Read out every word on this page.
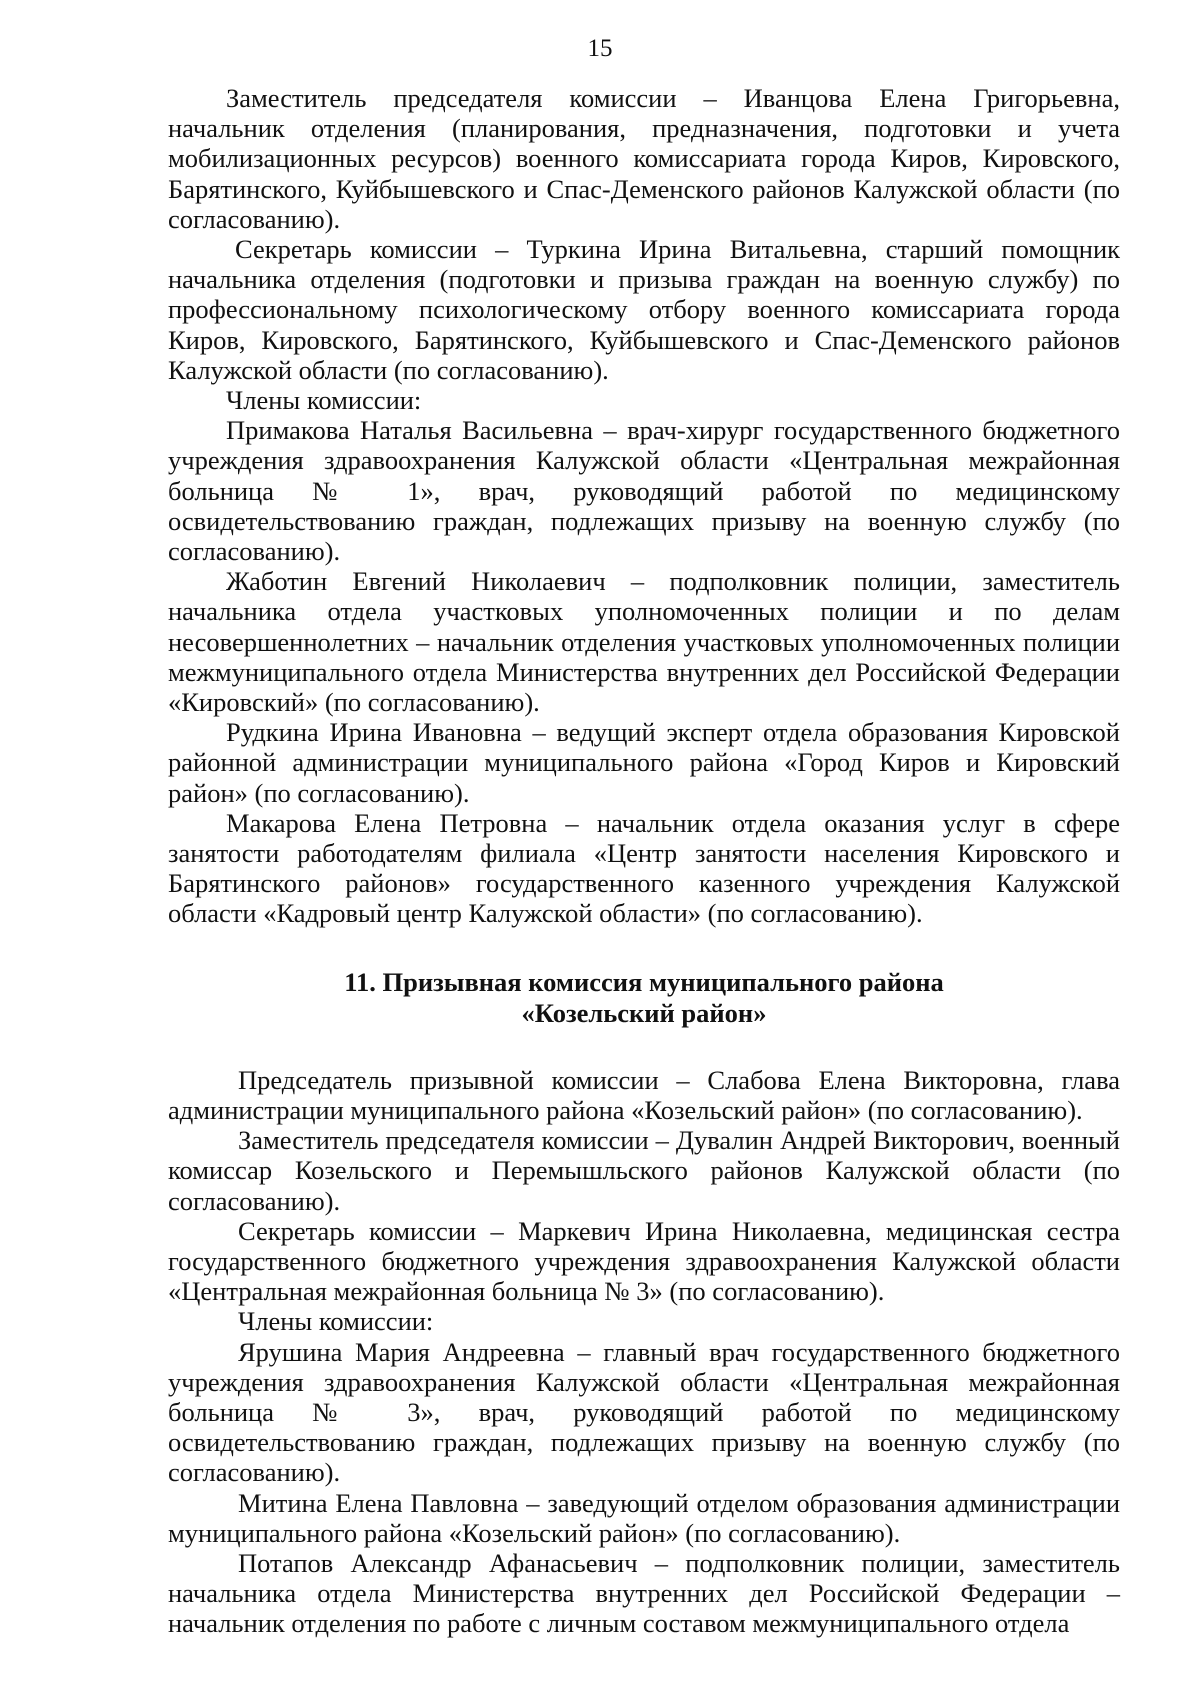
15

Заместитель председателя комиссии – Иванцова Елена Григорьевна, начальник отделения (планирования, предназначения, подготовки и учета мобилизационных ресурсов) военного комиссариата города Киров, Кировского, Барятинского, Куйбышевского и Спас-Деменского районов Калужской области (по согласованию).

Секретарь комиссии – Туркина Ирина Витальевна, старший помощник начальника отделения (подготовки и призыва граждан на военную службу) по профессиональному психологическому отбору военного комиссариата города Киров, Кировского, Барятинского, Куйбышевского и Спас-Деменского районов Калужской области (по согласованию).

Члены комиссии:

Примакова Наталья Васильевна – врач-хирург государственного бюджетного учреждения здравоохранения Калужской области «Центральная межрайонная больница № 1», врач, руководящий работой по медицинскому освидетельствованию граждан, подлежащих призыву на военную службу (по согласованию).

Жаботин Евгений Николаевич – подполковник полиции, заместитель начальника отдела участковых уполномоченных полиции и по делам несовершеннолетних – начальник отделения участковых уполномоченных полиции межмуниципального отдела Министерства внутренних дел Российской Федерации «Кировский» (по согласованию).

Рудкина Ирина Ивановна – ведущий эксперт отдела образования Кировской районной администрации муниципального района «Город Киров и Кировский район» (по согласованию).

Макарова Елена Петровна – начальник отдела оказания услуг в сфере занятости работодателям филиала «Центр занятости населения Кировского и Барятинского районов» государственного казенного учреждения Калужской области «Кадровый центр Калужской области» (по согласованию).

11. Призывная комиссия муниципального района
«Козельский район»

Председатель призывной комиссии – Слабова Елена Викторовна, глава администрации муниципального района «Козельский район» (по согласованию).

Заместитель председателя комиссии – Дувалин Андрей Викторович, военный комиссар Козельского и Перемышльского районов Калужской области (по согласованию).

Секретарь комиссии – Маркевич Ирина Николаевна, медицинская сестра государственного бюджетного учреждения здравоохранения Калужской области «Центральная межрайонная больница № 3» (по согласованию).

Члены комиссии:

Ярушина Мария Андреевна – главный врач государственного бюджетного учреждения здравоохранения Калужской области «Центральная межрайонная больница № 3», врач, руководящий работой по медицинскому освидетельствованию граждан, подлежащих призыву на военную службу (по согласованию).

Митина Елена Павловна – заведующий отделом образования администрации муниципального района «Козельский район» (по согласованию).

Потапов Александр Афанасьевич – подполковник полиции, заместитель начальника отдела Министерства внутренних дел Российской Федерации – начальник отделения по работе с личным составом межмуниципального отдела
